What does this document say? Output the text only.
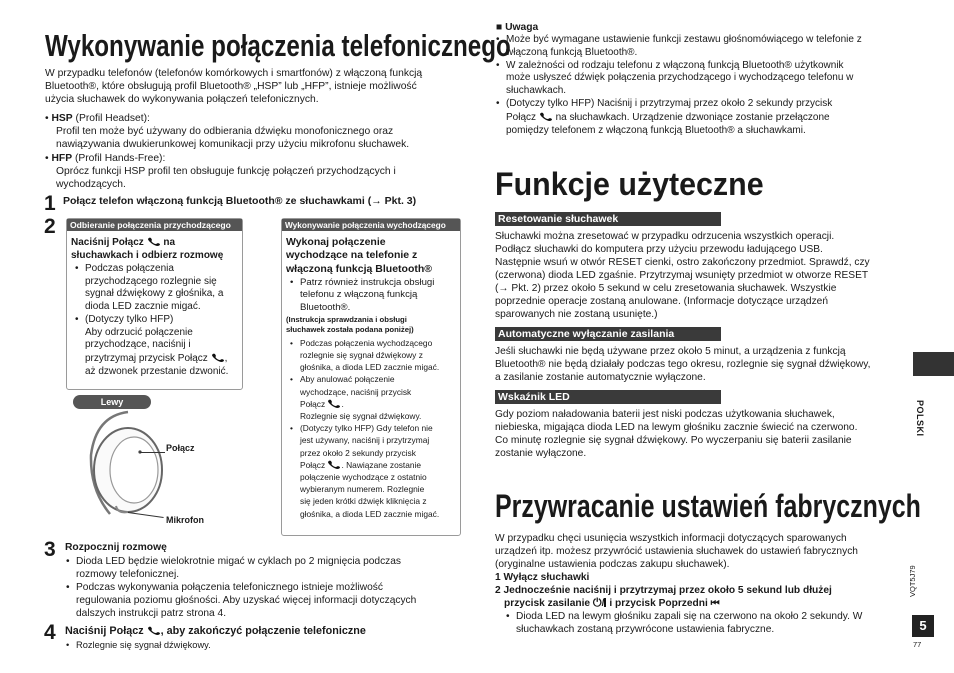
Wykonywanie połączenia telefonicznego
W przypadku telefonów (telefonów komórkowych i smartfonów) z włączoną funkcją
Bluetooth®, które obsługują profil Bluetooth® „HSP” lub „HFP”, istnieje możliwość
użycia słuchawek do wykonywania połączeń telefonicznych.
• HSP (Profil Headset):
Profil ten może być używany do odbierania dźwięku monofonicznego oraz
nawiązywania dwukierunkowej komunikacji przy użyciu mikrofonu słuchawek.
• HFP (Profil Hands-Free):
Oprócz funkcji HSP profil ten obsługuje funkcję połączeń przychodzących i
wychodzących.
1 Połącz telefon włączoną funkcją Bluetooth® ze słuchawkami (→ Pkt. 3)
2	Odbieranie połączenia przychodzącego
Naciśnij Połącz na
słuchawkach i odbierz rozmowę
• Podczas połączenia
przychodzącego rozlegnie się
sygnał dźwiękowy z głośnika, a
dioda LED zacznie migać.
• (Dotyczy tylko HFP)
Aby odrzucić połączenie
przychodzące, naciśnij i
przytrzymaj przycisk Połącz ,
aż dzwonek przestanie dzwonić.
Lewy
Połącz
Mikrofon
Wykonywanie połączenia wychodzącego
Wykonaj połączenie
wychodzące na telefonie z
włączoną funkcją Bluetooth®
• Patrz również instrukcja obsługi
telefonu z włączoną funkcją
Bluetooth®.
(Instrukcja sprawdzania i obsługi
słuchawek została podana poniżej)
• Podczas połączenia wychodzącego
rozlegnie się sygnał dźwiękowy z
głośnika, a dioda LED zacznie migać.
• Aby anulować połączenie
wychodzące, naciśnij przycisk
Połącz .
Rozlegnie się sygnał dźwiękowy.
• (Dotyczy tylko HFP) Gdy telefon nie
jest używany, naciśnij i przytrzymaj
przez około 2 sekundy przycisk
Połącz . Nawiązane zostanie
połączenie wychodzące z ostatnio
wybieranym numerem. Rozlegnie
się jeden krótki dźwięk kliknięcia z
głośnika, a dioda LED zacznie migać.
3 Rozpocznij rozmowę
• Dioda LED będzie wielokrotnie migać w cyklach po 2 mignięcia podczas
rozmowy telefonicznej.
• Podczas wykonywania połączenia telefonicznego istnieje możliwość
regulowania poziomu głośności. Aby uzyskać więcej informacji dotyczących
dalszych instrukcji patrz strona 4.
4 Naciśnij Połącz , aby zakończyć połączenie telefoniczne
• Rozlegnie się sygnał dźwiękowy.
■ Uwaga
• Może być wymagane ustawienie funkcji zestawu głośnomówiącego w telefonie z
włączoną funkcją Bluetooth®.
• W zależności od rodzaju telefonu z włączoną funkcją Bluetooth® użytkownik
może usłyszeć dźwięk połączenia przychodzącego i wychodzącego telefonu w
słuchawkach.
• (Dotyczy tylko HFP) Naciśnij i przytrzymaj przez około 2 sekundy przycisk
Połącz na słuchawkach. Urządzenie dzwoniące zostanie przełączone
pomiędzy telefonem z włączoną funkcją Bluetooth® a słuchawkami.
Funkcje użyteczne
Resetowanie słuchawek
Słuchawki można zresetować w przypadku odrzucenia wszystkich operacji.
Podłącz słuchawki do komputera przy użyciu przewodu ładującego USB.
Następnie wsuń w otwór RESET cienki, ostro zakończony przedmiot. Sprawdź, czy
(czerwona) dioda LED zgaśnie. Przytrzymaj wsunięty przedmiot w otworze RESET
(→ Pkt. 2) przez około 5 sekund w celu zresetowania słuchawek. Wszystkie
poprzednie operacje zostaną anulowane. (Informacje dotyczące urządzeń
sparowanych nie zostaną usunięte.)
Automatyczne wyłączanie zasilania
Jeśli słuchawki nie będą używane przez około 5 minut, a urządzenia z funkcją
Bluetooth® nie będą działały podczas tego okresu, rozlegnie się sygnał dźwiękowy,
a zasilanie zostanie automatycznie wyłączone.
Wskaźnik LED
Gdy poziom naładowania baterii jest niski podczas użytkowania słuchawek,
niebieska, migająca dioda LED na lewym głośniku zacznie świecić na czerwono.
Co minutę rozlegnie się sygnał dźwiękowy. Po wyczerpaniu się baterii zasilanie
zostanie wyłączone.
Przywracanie ustawień fabrycznych
W przypadku chęci usunięcia wszystkich informacji dotyczących sparowanych
urządzeń itp. możesz przywrócić ustawienia słuchawek do ustawień fabrycznych
(oryginalne ustawienia podczas zakupu słuchawek).
1 Wyłącz słuchawki
2 Jednocześnie naciśnij i przytrzymaj przez około 5 sekund lub dłużej
przycisk zasilanie ⏻/ i przycisk Poprzedni ⏮
• Dioda LED na lewym głośniku zapali się na czerwono na około 2 sekundy. W
słuchawkach zostaną przywrócone ustawienia fabryczne.
POLSKI
VQT5J79
5
77
